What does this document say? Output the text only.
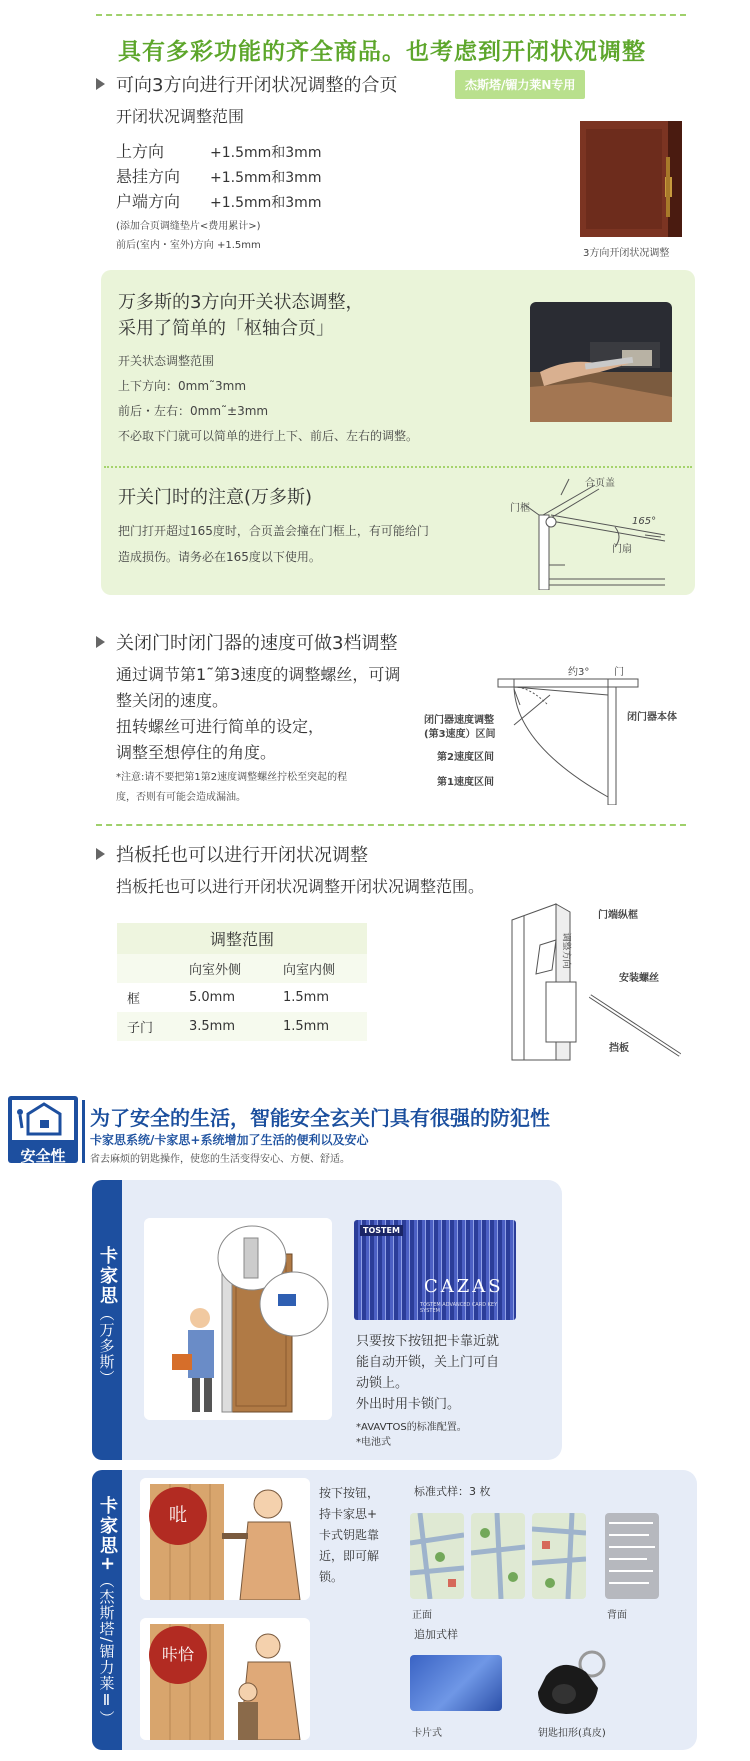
具有多彩功能的齐全商品。也考虑到开闭状况调整
可向3方向进行开闭状况调整的合页	杰斯塔/镅力莱N专用
开闭状况调整范围
上方向	+1.5mm和3mm
悬挂方向 +1.5mm和3mm
户端方向 +1.5mm和3mm
(添加合页调缝垫片<费用累计>)
前后(室内・室外)方向 +1.5mm
3方向开闭状况调整
万多斯的3方向开关状态调整，
采用了简单的「枢轴合页」
开关状态调整范围
上下方向：0mm˜3mm
前后・左右：0mm˜±3mm
不必取下门就可以简单的进行上下、前后、左右的调整。
开关门时的注意(万多斯)
把门打开超过165度时，合页盖会撞在门框上，有可能给门
造成损伤。请务必在165度以下使用。
合页盖
门框
165°
门扇
关闭门时闭门器的速度可做3档调整
通过调节第1˜第3速度的调整螺丝，可调
整关闭的速度。
扭转螺丝可进行简单的设定，
调整至想停住的角度。
*注意:请不要把第1第2速度调整螺丝拧松至突起的程
度，否则有可能会造成漏油。
约3° 门
闭门器速度调整
(第3速度）区间
闭门器本体
第2速度区间
第1速度区间
挡板托也可以进行开闭状况调整
挡板托也可以进行开闭状况调整开闭状况调整范围。
调整范围		
	向室外侧	向室内侧
框	5.0mm	1.5mm
子门	3.5mm	1.5mm
门端纵框
安装螺丝
挡板
调整方向
安全性
为了安全的生活，智能安全玄关门具有很强的防犯性
卡家思系统/卡家思+系统增加了生活的便利以及安心
省去麻烦的钥匙操作，使您的生活变得安心、方便、舒适。
卡家思
（万多斯）
TOSTEM
CAZAS
TOSTEM ADVANCED CARD KEY SYSTEM
只要按下按钮把卡靠近就
能自动开锁，关上门可自
动锁上。
外出时用卡锁门。
*AVAVTOS的标准配置。
*电池式
卡家思+
（杰斯塔/镅力莱Ⅱ）
吡
咔恰
按下按钮，
持卡家思+
卡式钥匙靠
近，即可解
锁。
标准式样：3 枚
正面	背面
追加式样
卡片式	钥匙扣形(真皮)
